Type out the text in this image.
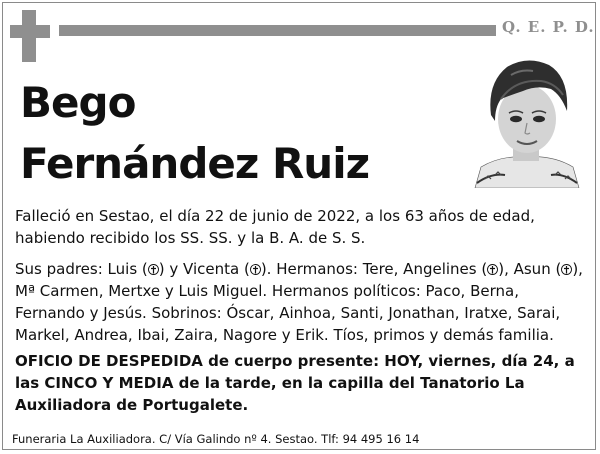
Q. E. P. D.
Bego
Fernández Ruiz
Falleció en Sestao, el día 22 de junio de 2022, a los 63 años de edad, habiendo recibido los SS. SS. y la B. A. de S. S.
Sus padres: Luis ( ) y Vicenta ( ). Hermanos: Tere, Angelines ( ), Asun ( ), Mª Carmen, Mertxe y Luis Miguel. Hermanos políticos: Paco, Berna, Fernando y Jesús. Sobrinos: Óscar, Ainhoa, Santi, Jonathan, Iratxe, Sarai, Markel, Andrea, Ibai, Zaira, Nagore y Erik. Tíos, primos y demás familia.
OFICIO DE DESPEDIDA de cuerpo presente: HOY, viernes, día 24, a las CINCO Y MEDIA de la tarde, en la capilla del Tanatorio La Auxiliadora de Portugalete.
Funeraria La Auxiliadora. C/ Vía Galindo nº 4. Sestao. Tlf: 94 495 16 14
